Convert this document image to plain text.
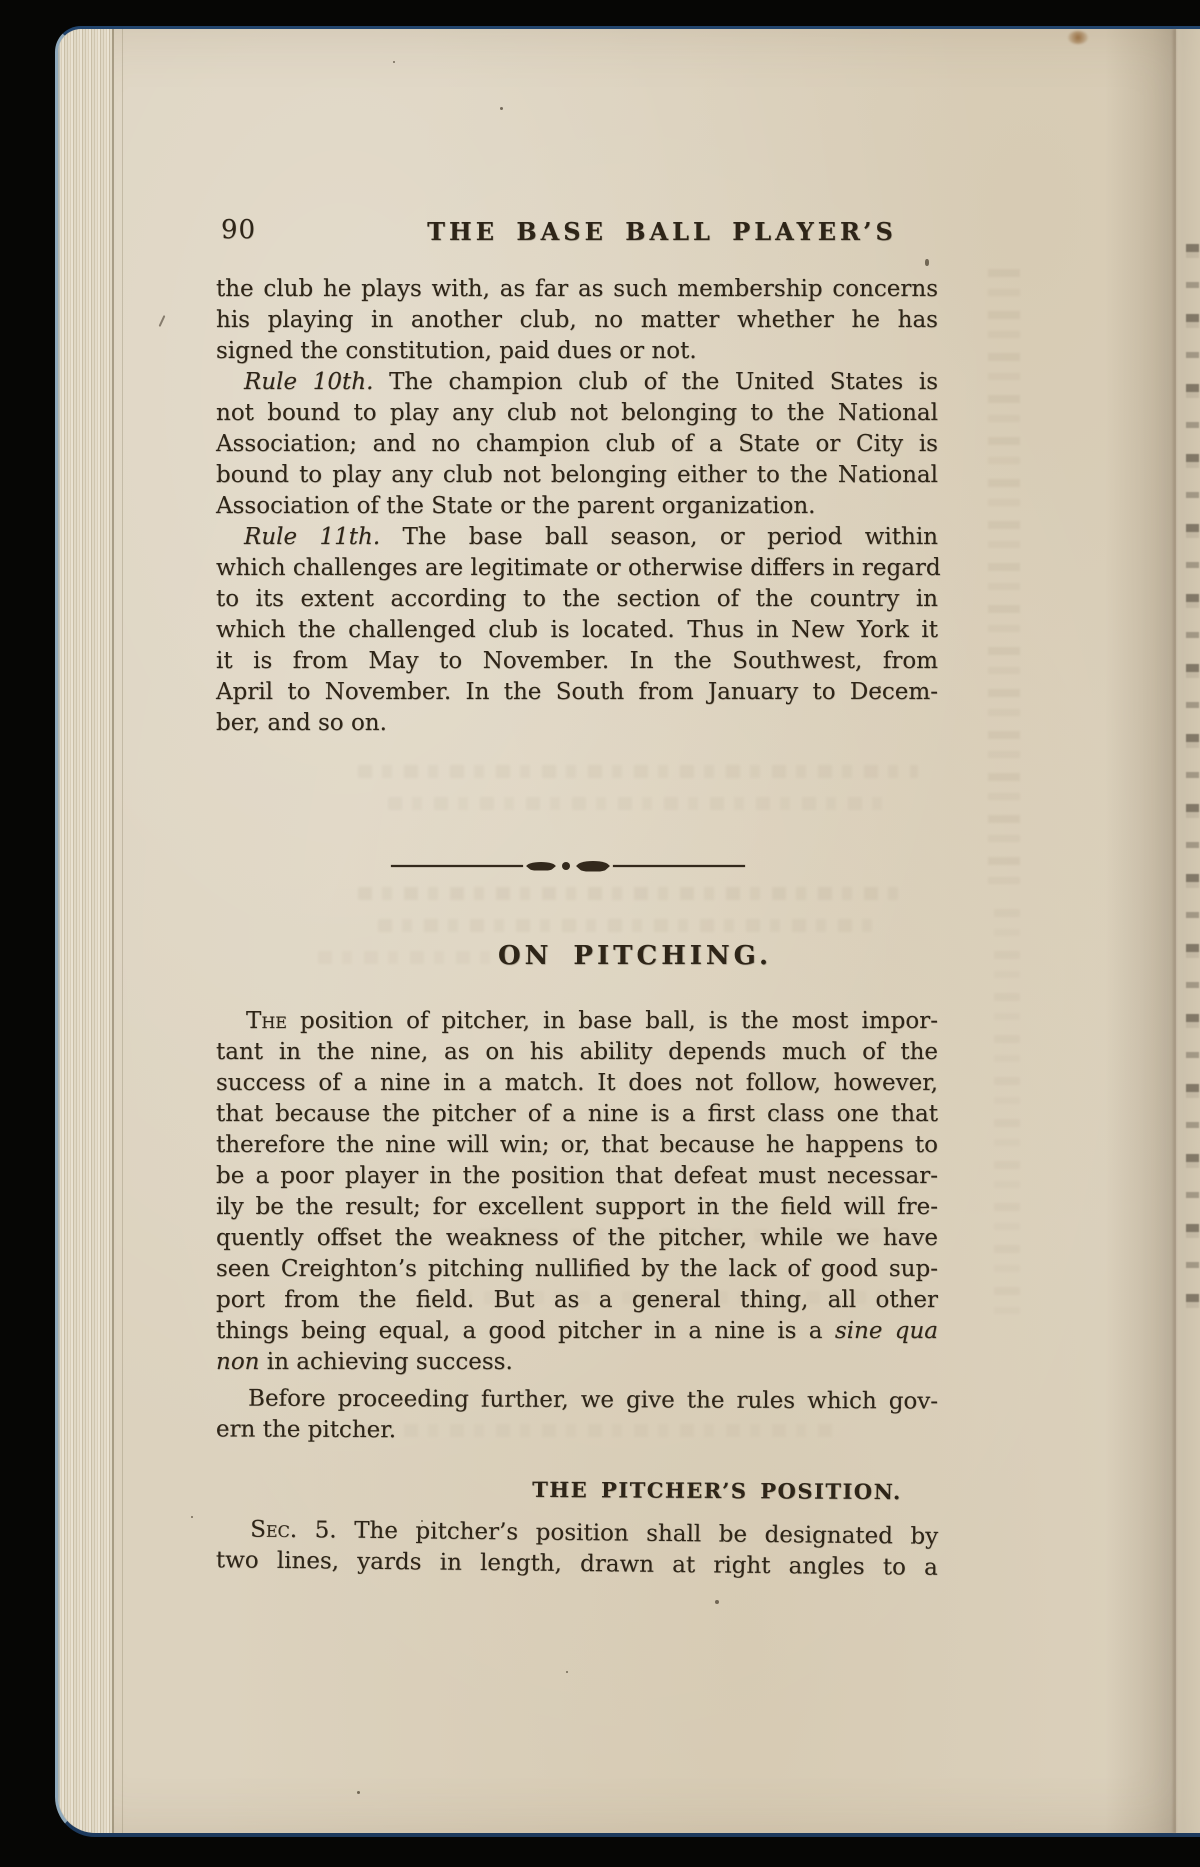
90	THE BASE BALL PLAYER’S
the club he plays with, as far as such membership concerns
his playing in another club, no matter whether he has
signed the constitution, paid dues or not.
Rule 10th. The champion club of the United States is
not bound to play any club not belonging to the National
Association; and no champion club of a State or City is
bound to play any club not belonging either to the National
Association of the State or the parent organization.
Rule 11th. The base ball season, or period within
which challenges are legitimate or otherwise differs in regard
to its extent according to the section of the country in
which the challenged club is located. Thus in New York it
it is from May to November. In the Southwest, from
April to November. In the South from January to Decem-
ber, and so on.
ON PITCHING.
The position of pitcher, in base ball, is the most impor-
tant in the nine, as on his ability depends much of the
success of a nine in a match. It does not follow, however,
that because the pitcher of a nine is a first class one that
therefore the nine will win; or, that because he happens to
be a poor player in the position that defeat must necessar-
ily be the result; for excellent support in the field will fre-
quently offset the weakness of the pitcher, while we have
seen Creighton’s pitching nullified by the lack of good sup-
port from the field. But as a general thing, all other
things being equal, a good pitcher in a nine is a sine qua
non in achieving success.
Before proceeding further, we give the rules which gov-
ern the pitcher.
THE PITCHER’S POSITION.
Sec. 5. The pitcher’s position shall be designated by
two lines, yards in length, drawn at right angles to a
